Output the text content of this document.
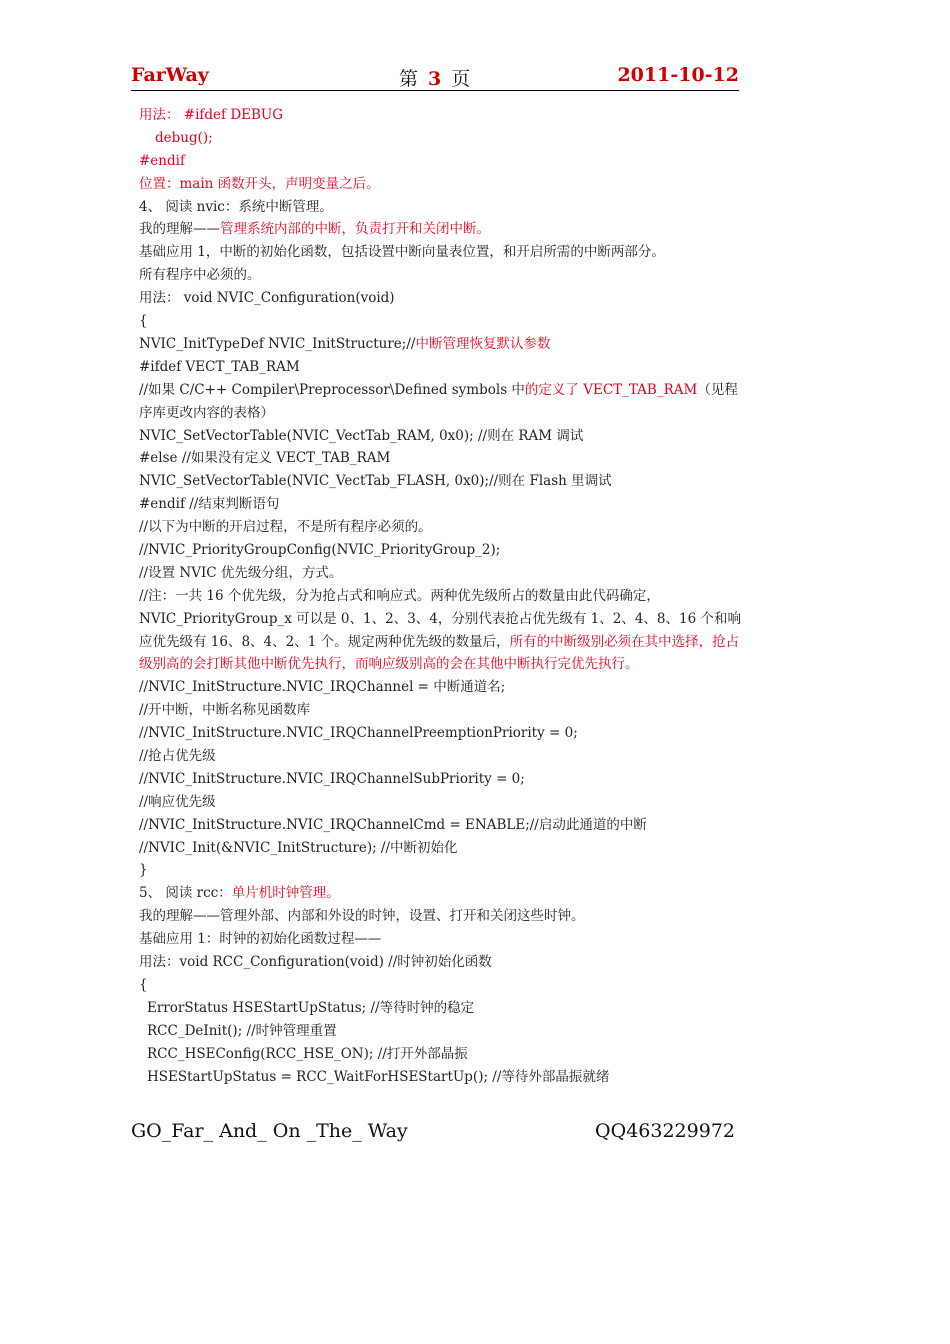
FarWay	第 3 页	2011-10-12
用法： #ifdef DEBUG
debug();
#endif
位置：main 函数开头，声明变量之后。
4、 阅读 nvic：系统中断管理。
我的理解——管理系统内部的中断，负责打开和关闭中断。
基础应用 1，中断的初始化函数，包括设置中断向量表位置，和开启所需的中断两部分。
所有程序中必须的。
用法： void NVIC_Configuration(void)
{
NVIC_InitTypeDef NVIC_InitStructure;//中断管理恢复默认参数
#ifdef VECT_TAB_RAM
//如果 C/C++ Compiler\Preprocessor\Defined symbols 中的定义了 VECT_TAB_RAM（见程序库更改内容的表格）
NVIC_SetVectorTable(NVIC_VectTab_RAM, 0x0); //则在 RAM 调试
#else //如果没有定义 VECT_TAB_RAM
NVIC_SetVectorTable(NVIC_VectTab_FLASH, 0x0);//则在 Flash 里调试
#endif //结束判断语句
//以下为中断的开启过程，不是所有程序必须的。
//NVIC_PriorityGroupConfig(NVIC_PriorityGroup_2);
//设置 NVIC 优先级分组，方式。
//注：一共 16 个优先级，分为抢占式和响应式。两种优先级所占的数量由此代码确定，NVIC_PriorityGroup_x 可以是 0、1、2、3、4，分别代表抢占优先级有 1、2、4、8、16 个和响应优先级有 16、8、4、2、1 个。规定两种优先级的数量后，所有的中断级别必须在其中选择，抢占级别高的会打断其他中断优先执行，而响应级别高的会在其他中断执行完优先执行。
//NVIC_InitStructure.NVIC_IRQChannel = 中断通道名;
//开中断，中断名称见函数库
//NVIC_InitStructure.NVIC_IRQChannelPreemptionPriority = 0;
//抢占优先级
//NVIC_InitStructure.NVIC_IRQChannelSubPriority = 0;
//响应优先级
//NVIC_InitStructure.NVIC_IRQChannelCmd = ENABLE;//启动此通道的中断
//NVIC_Init(&NVIC_InitStructure); //中断初始化
}
5、 阅读 rcc：单片机时钟管理。
我的理解——管理外部、内部和外设的时钟，设置、打开和关闭这些时钟。
基础应用 1：时钟的初始化函数过程——
用法：void RCC_Configuration(void) //时钟初始化函数
{
ErrorStatus HSEStartUpStatus; //等待时钟的稳定
RCC_DeInit(); //时钟管理重置
RCC_HSEConfig(RCC_HSE_ON); //打开外部晶振
HSEStartUpStatus = RCC_WaitForHSEStartUp(); //等待外部晶振就绪
GO_Far_ And_ On _The_ Way	QQ463229972
